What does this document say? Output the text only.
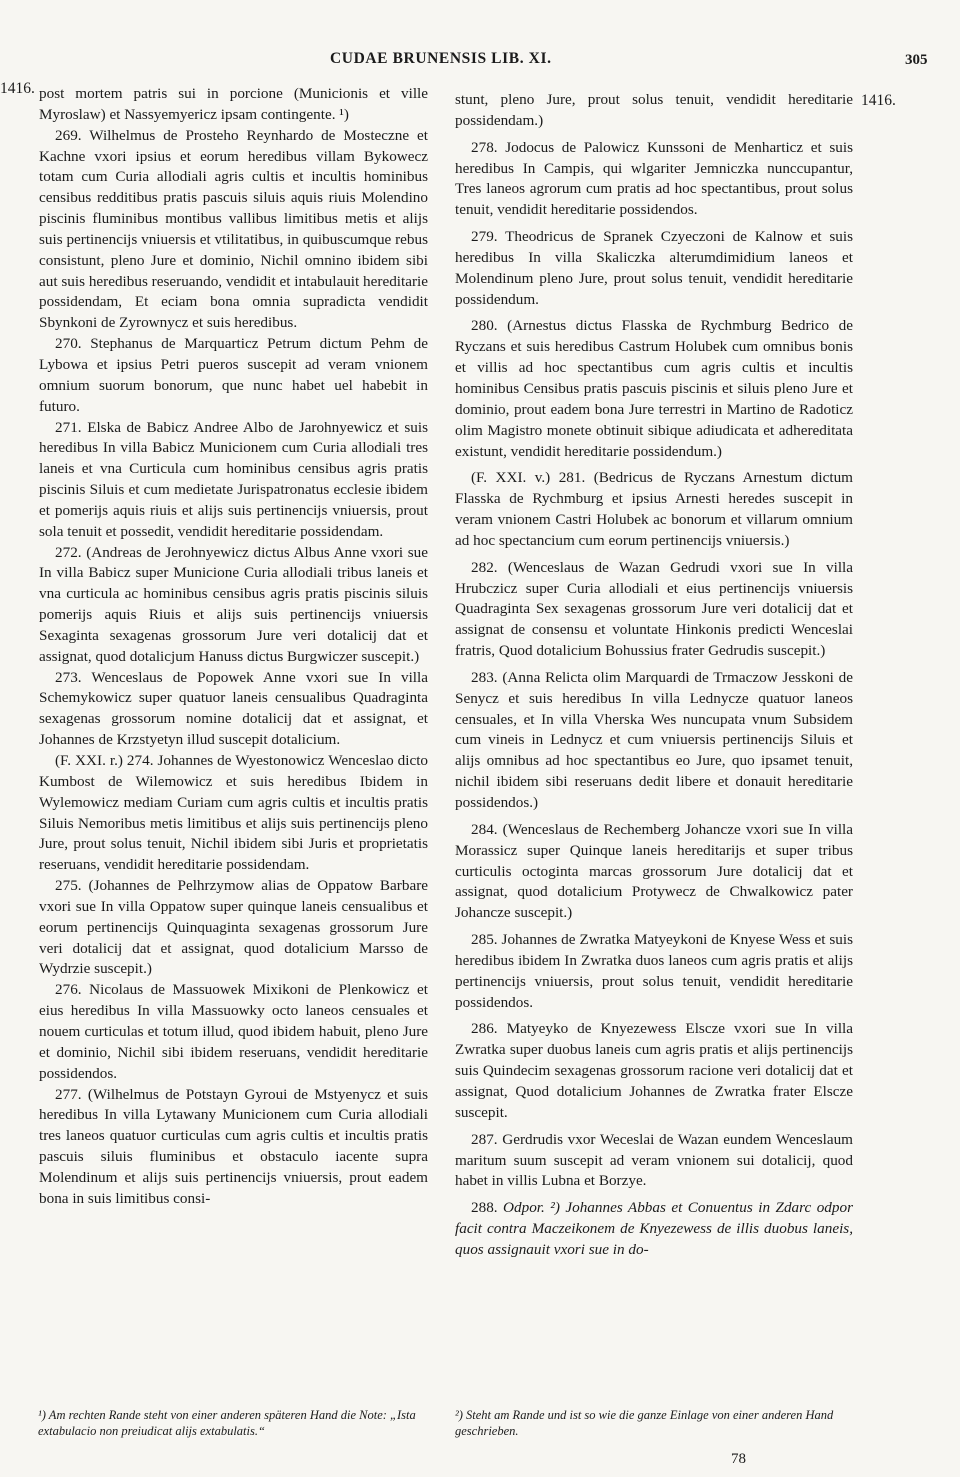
CUDAE BRUNENSIS LIB. XI.	305
1416.
1416.

post mortem patris sui in porcione (Municionis et ville Myroslaw) et Nassyemyericz ipsam contingente. ¹)

269. Wilhelmus de Prosteho Reynhardo de Mosteczne et Kachne vxori ipsius et eorum heredibus villam Bykowecz totam cum Curia allodiali agris cultis et incultis hominibus censibus redditibus pratis pascuis siluis aquis riuis Molendino piscinis fluminibus montibus vallibus limitibus metis et alijs suis pertinencijs vniuersis et vtilitatibus, in quibuscumque rebus consistunt, pleno Jure et dominio, Nichil omnino ibidem sibi aut suis heredibus reseruando, vendidit et intabulauit hereditarie possidendam, Et eciam bona omnia supradicta vendidit Sbynkoni de Zyrownycz et suis heredibus.

270. Stephanus de Marquarticz Petrum dictum Pehm de Lybowa et ipsius Petri pueros suscepit ad veram vnionem omnium suorum bonorum, que nunc habet uel habebit in futuro.

271. Elska de Babicz Andree Albo de Jarohnyewicz et suis heredibus In villa Babicz Municionem cum Curia allodiali tres laneis et vna Curticula cum hominibus censibus agris pratis piscinis Siluis et cum medietate Jurispatronatus ecclesie ibidem et pomerijs aquis riuis et alijs suis pertinencijs vniuersis, prout sola tenuit et possedit, vendidit hereditarie possidendam.

272. (Andreas de Jerohnyewicz dictus Albus Anne vxori sue In villa Babicz super Municione Curia allodiali tribus laneis et vna curticula ac hominibus censibus agris pratis piscinis siluis pomerijs aquis Riuis et alijs suis pertinencijs vniuersis Sexaginta sexagenas grossorum Jure veri dotalicij dat et assignat, quod dotalicjum Hanuss dictus Burgwiczer suscepit.)

273. Wenceslaus de Popowek Anne vxori sue In villa Schemykowicz super quatuor laneis censualibus Quadraginta sexagenas grossorum nomine dotalicij dat et assignat, et Johannes de Krzstyetyn illud suscepit dotalicium.

(F. XXI. r.) 274. Johannes de Wyestonowicz Wenceslao dicto Kumbost de Wilemowicz et suis heredibus Ibidem in Wylemowicz mediam Curiam cum agris cultis et incultis pratis Siluis Nemoribus metis limitibus et alijs suis pertinencijs pleno Jure, prout solus tenuit, Nichil ibidem sibi Juris et proprietatis reseruans, vendidit hereditarie possidendam.

275. (Johannes de Pelhrzymow alias de Oppatow Barbare vxori sue In villa Oppatow super quinque laneis censualibus et eorum pertinencijs Quinquaginta sexagenas grossorum Jure veri dotalicij dat et assignat, quod dotalicium Marsso de Wydrzie suscepit.)

276. Nicolaus de Massuowek Mixikoni de Plenkowicz et eius heredibus In villa Massuowky octo laneos censuales et nouem curticulas et totum illud, quod ibidem habuit, pleno Jure et dominio, Nichil sibi ibidem reseruans, vendidit hereditarie possidendos.

277. (Wilhelmus de Potstayn Gyroui de Mstyenycz et suis heredibus In villa Lytawany Municionem cum Curia allodiali tres laneos quatuor curticulas cum agris cultis et incultis pratis pascuis siluis fluminibus et obstaculo iacente supra Molendinum et alijs suis pertinencijs vniuersis, prout eadem bona in suis limitibus consi-

stunt, pleno Jure, prout solus tenuit, vendidit hereditarie possidendam.)

278. Jodocus de Palowicz Kunssoni de Menharticz et suis heredibus In Campis, qui wlgariter Jemniczka nunccupantur, Tres laneos agrorum cum pratis ad hoc spectantibus, prout solus tenuit, vendidit hereditarie possidendos.

279. Theodricus de Spranek Czyeczoni de Kalnow et suis heredibus In villa Skaliczka alterumdimidium laneos et Molendinum pleno Jure, prout solus tenuit, vendidit hereditarie possidendum.

280. (Arnestus dictus Flasska de Rychmburg Bedrico de Ryczans et suis heredibus Castrum Holubek cum omnibus bonis et villis ad hoc spectantibus cum agris cultis et incultis hominibus Censibus pratis pascuis piscinis et siluis pleno Jure et dominio, prout eadem bona Jure terrestri in Martino de Radoticz olim Magistro monete obtinuit sibique adiudicata et adhereditata existunt, vendidit hereditarie possidendum.)

(F. XXI. v.) 281. (Bedricus de Ryczans Arnestum dictum Flasska de Rychmburg et ipsius Arnesti heredes suscepit in veram vnionem Castri Holubek ac bonorum et villarum omnium ad hoc spectancium cum eorum pertinencijs vniuersis.)

282. (Wenceslaus de Wazan Gedrudi vxori sue In villa Hrubczicz super Curia allodiali et eius pertinencijs vniuersis Quadraginta Sex sexagenas grossorum Jure veri dotalicij dat et assignat de consensu et voluntate Hinkonis predicti Wenceslai fratris, Quod dotalicium Bohussius frater Gedrudis suscepit.)

283. (Anna Relicta olim Marquardi de Trmaczow Jesskoni de Senycz et suis heredibus In villa Lednycze quatuor laneos censuales, et In villa Vherska Wes nuncupata vnum Subsidem cum vineis in Lednycz et cum vniuersis pertinencijs Siluis et alijs omnibus ad hoc spectantibus eo Jure, quo ipsamet tenuit, nichil ibidem sibi reseruans dedit libere et donauit hereditarie possidendos.)

284. (Wenceslaus de Rechemberg Johancze vxori sue In villa Morassicz super Quinque laneis hereditarijs et super tribus curticulis octoginta marcas grossorum Jure dotalicij dat et assignat, quod dotalicium Protywecz de Chwalkowicz pater Johancze suscepit.)

285. Johannes de Zwratka Matyeykoni de Knyese Wess et suis heredibus ibidem In Zwratka duos laneos cum agris pratis et alijs pertinencijs vniuersis, prout solus tenuit, vendidit hereditarie possidendos.

286. Matyeyko de Knyezewess Elscze vxori sue In villa Zwratka super duobus laneis cum agris pratis et alijs pertinencijs suis Quindecim sexagenas grossorum racione veri dotalicij dat et assignat, Quod dotalicium Johannes de Zwratka frater Elscze suscepit.

287. Gerdrudis vxor Weceslai de Wazan eundem Wenceslaum maritum suum suscepit ad veram vnionem sui dotalicij, quod habet in villis Lubna et Borzye.

288. Odpor. ²) Johannes Abbas et Conuentus in Zdarc odpor facit contra Maczeikonem de Knyezewess de illis duobus laneis, quos assignauit vxori sue in do-

¹) Am rechten Rande steht von einer anderen späteren Hand die Note: „Ista extabulacio non preiudicat alijs extabulatis.“
²) Steht am Rande und ist so wie die ganze Einlage von einer anderen Hand geschrieben.
78
